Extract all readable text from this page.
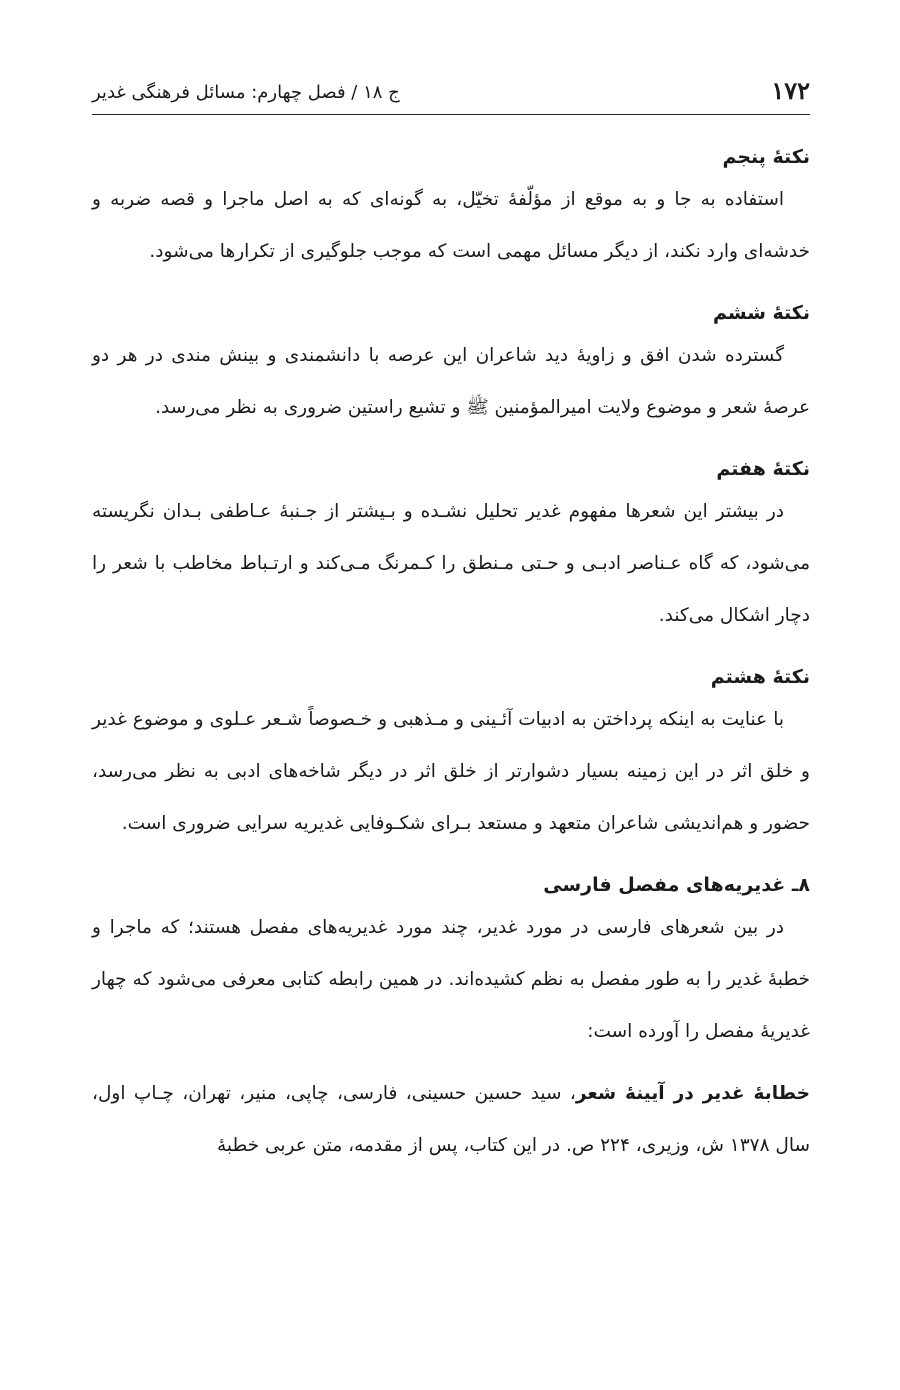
۱۷۲
ج ۱۸ / فصل چهارم: مسائل فرهنگی غدیر
نکتۀ پنجم

استفاده به جا و به موقع از مؤلّفۀ تخیّل، به گونه‌ای که به اصل ماجرا و قصه ضربه و خدشه‌ای وارد نکند، از دیگر مسائل مهمی است که موجب جلوگیری از تکرارها می‌شود.

نکتۀ ششم

گسترده شدن افق و زاویۀ دید شاعران این عرصه با دانشمندی و بینش مندی در هر دو عرصۀ شعر و موضوع ولایت امیرالمؤمنین ﷺ و تشیع راستین ضروری به نظر می‌رسد.

نکتۀ هفتم

در بیشتر این شعرها مفهوم غدیر تحلیل نشـده و بـیشتر از جـنبۀ عـاطفی بـدان نگریسته می‌شود، که گاه عـناصر ادبـی و حـتی مـنطق را کـمرنگ مـی‌کند و ارتـباط مخاطب با شعر را دچار اشکال می‌کند.

نکتۀ هشتم

با عنایت به اینکه پرداختن به ادبیات آئـینی و مـذهبی و خـصوصاً شـعر عـلوی و موضوع غدیر و خلق اثر در این زمینه بسیار دشوارتر از خلق اثر در دیگر شاخه‌های ادبی به نظر می‌رسد، حضور و هم‌اندیشی شاعران متعهد و مستعد بـرای شکـوفایی غدیریه سرایی ضروری است.

۸ـ غدیریه‌های مفصل فارسی

در بین شعرهای فارسی در مورد غدیر، چند مورد غدیریه‌های مفصل هستند؛ که ماجرا و خطبۀ غدیر را به طور مفصل به نظم کشیده‌اند. در همین رابطه کتابی معرفی می‌شود که چهار غدیریۀ مفصل را آورده است:

خطابۀ غدیر در آیینۀ شعر، سید حسین حسینی، فارسی، چاپی، منیر، تهران، چـاپ اول، سال ۱۳۷۸ ش، وزیری، ۲۲۴ ص. در این کتاب، پس از مقدمه، متن عربی خطبۀ
